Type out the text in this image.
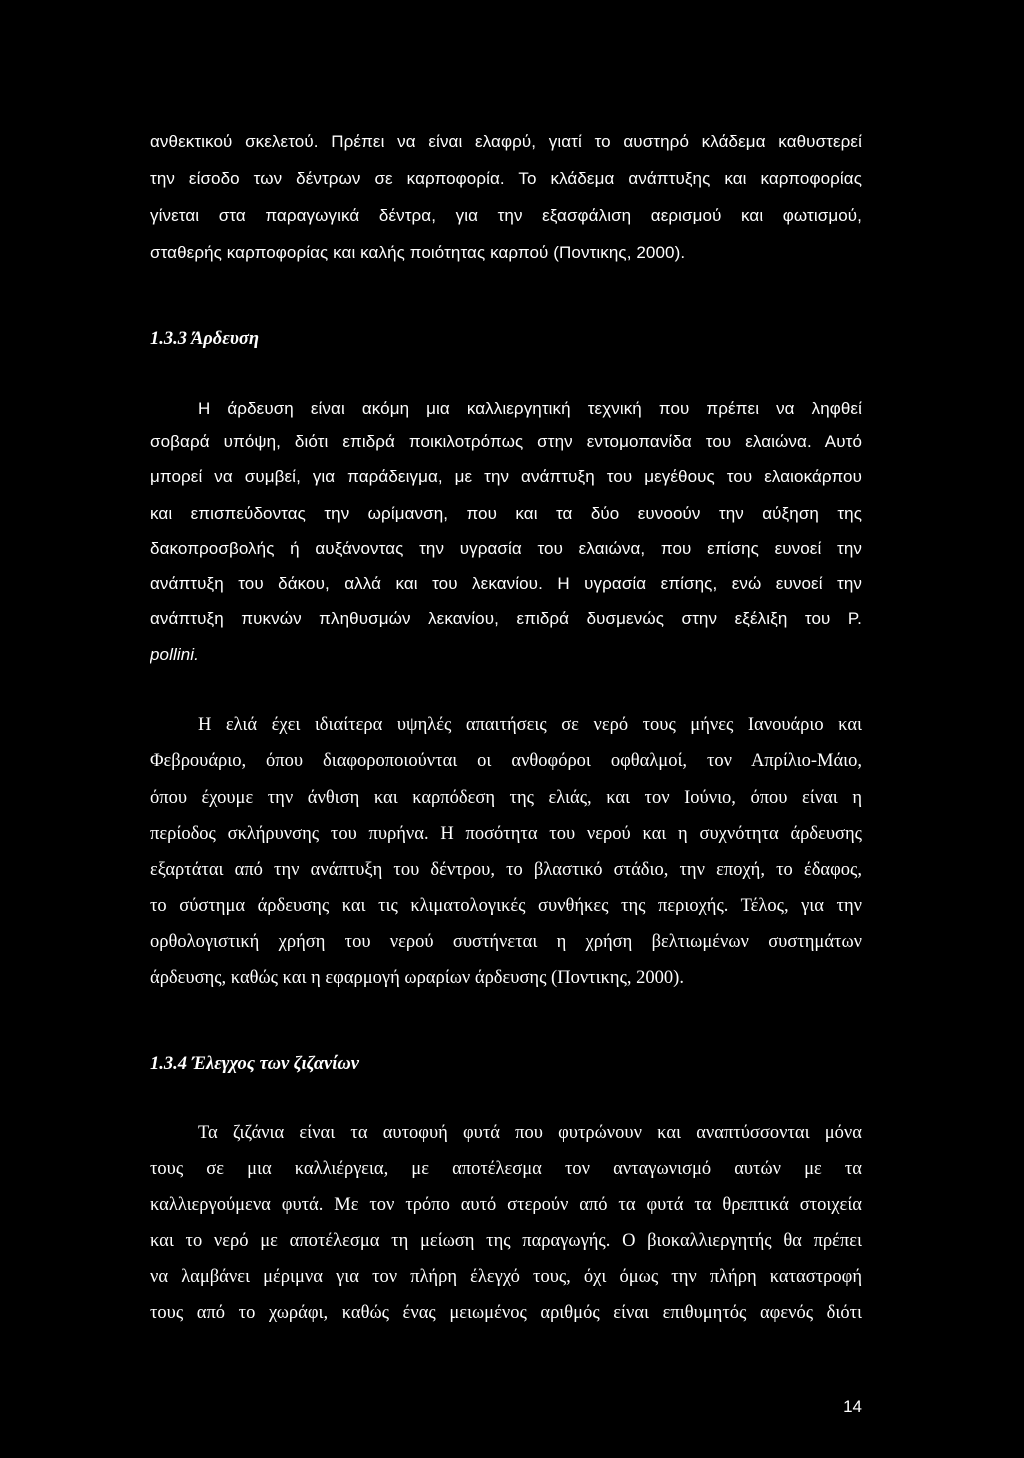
ανθεκτικού σκελετού. Πρέπει να είναι ελαφρύ, γιατί το αυστηρό κλάδεμα καθυστερεί
την είσοδο των δέντρων σε καρποφορία. Το κλάδεμα ανάπτυξης και καρποφορίας
γίνεται στα παραγωγικά δέντρα, για την εξασφάλιση αερισμού και φωτισμού,
σταθερής καρποφορίας και καλής ποιότητας καρπού (Ποντικης, 2000).
1.3.3 Άρδευση
Η άρδευση είναι ακόμη μια καλλιεργητική τεχνική που πρέπει να ληφθεί
σοβαρά υπόψη, διότι επιδρά ποικιλοτρόπως στην εντομοπανίδα του ελαιώνα. Αυτό
μπορεί να συμβεί, για παράδειγμα, με την ανάπτυξη του μεγέθους του ελαιοκάρπου
και επισπεύδοντας την ωρίμανση, που και τα δύο ευνοούν την αύξηση της
δακοπροσβολής ή αυξάνοντας την υγρασία του ελαιώνα, που επίσης ευνοεί την
ανάπτυξη του δάκου, αλλά και του λεκανίου. Η υγρασία επίσης, ενώ ευνοεί την
ανάπτυξη πυκνών πληθυσμών λεκανίου, επιδρά δυσμενώς στην εξέλιξη του P.
pollini.
Η ελιά έχει ιδιαίτερα υψηλές απαιτήσεις σε νερό τους μήνες Ιανουάριο και
Φεβρουάριο, όπου διαφοροποιούνται οι ανθοφόροι οφθαλμοί, τον Απρίλιο-Μάιο,
όπου έχουμε την άνθιση και καρπόδεση της ελιάς, και τον Ιούνιο, όπου είναι η
περίοδος σκλήρυνσης του πυρήνα. Η ποσότητα του νερού και η συχνότητα άρδευσης
εξαρτάται από την ανάπτυξη του δέντρου, το βλαστικό στάδιο, την εποχή, το έδαφος,
το σύστημα άρδευσης και τις κλιματολογικές συνθήκες της περιοχής. Τέλος, για την
ορθολογιστική χρήση του νερού συστήνεται η χρήση βελτιωμένων συστημάτων
άρδευσης, καθώς και η εφαρμογή ωραρίων άρδευσης (Ποντικης, 2000).
1.3.4 Έλεγχος των ζιζανίων
Τα ζιζάνια είναι τα αυτοφυή φυτά που φυτρώνουν και αναπτύσσονται μόνα
τους σε μια καλλιέργεια, με αποτέλεσμα τον ανταγωνισμό αυτών με τα
καλλιεργούμενα φυτά. Με τον τρόπο αυτό στερούν από τα φυτά τα θρεπτικά στοιχεία
και το νερό με αποτέλεσμα τη μείωση της παραγωγής. Ο βιοκαλλιεργητής θα πρέπει
να λαμβάνει μέριμνα για τον πλήρη έλεγχό τους, όχι όμως την πλήρη καταστροφή
τους από το χωράφι, καθώς ένας μειωμένος αριθμός είναι επιθυμητός αφενός διότι
14
